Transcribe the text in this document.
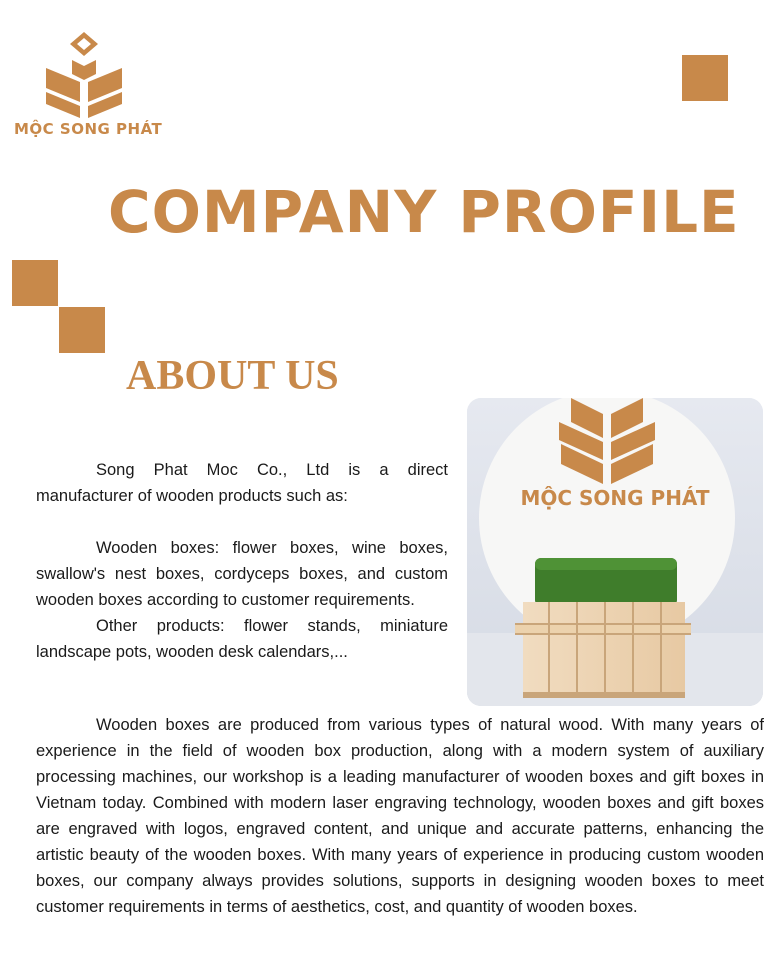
MỘC SONG PHÁT
COMPANY PROFILE
ABOUT US

Song Phat Moc Co., Ltd is a direct manufacturer of wooden products such as:

Wooden boxes: flower boxes, wine boxes, swallow's nest boxes, cordyceps boxes, and custom wooden boxes according to customer requirements.

Other products: flower stands, miniature landscape pots, wooden desk calendars,...

MỘC SONG PHÁT

Wooden boxes are produced from various types of natural wood. With many years of experience in the field of wooden box production, along with a modern system of auxiliary processing machines, our workshop is a leading manufacturer of wooden boxes and gift boxes in Vietnam today. Combined with modern laser engraving technology, wooden boxes and gift boxes are engraved with logos, engraved content, and unique and accurate patterns, enhancing the artistic beauty of the wooden boxes. With many years of experience in producing custom wooden boxes, our company always provides solutions, supports in designing wooden boxes to meet customer requirements in terms of aesthetics, cost, and quantity of wooden boxes.
